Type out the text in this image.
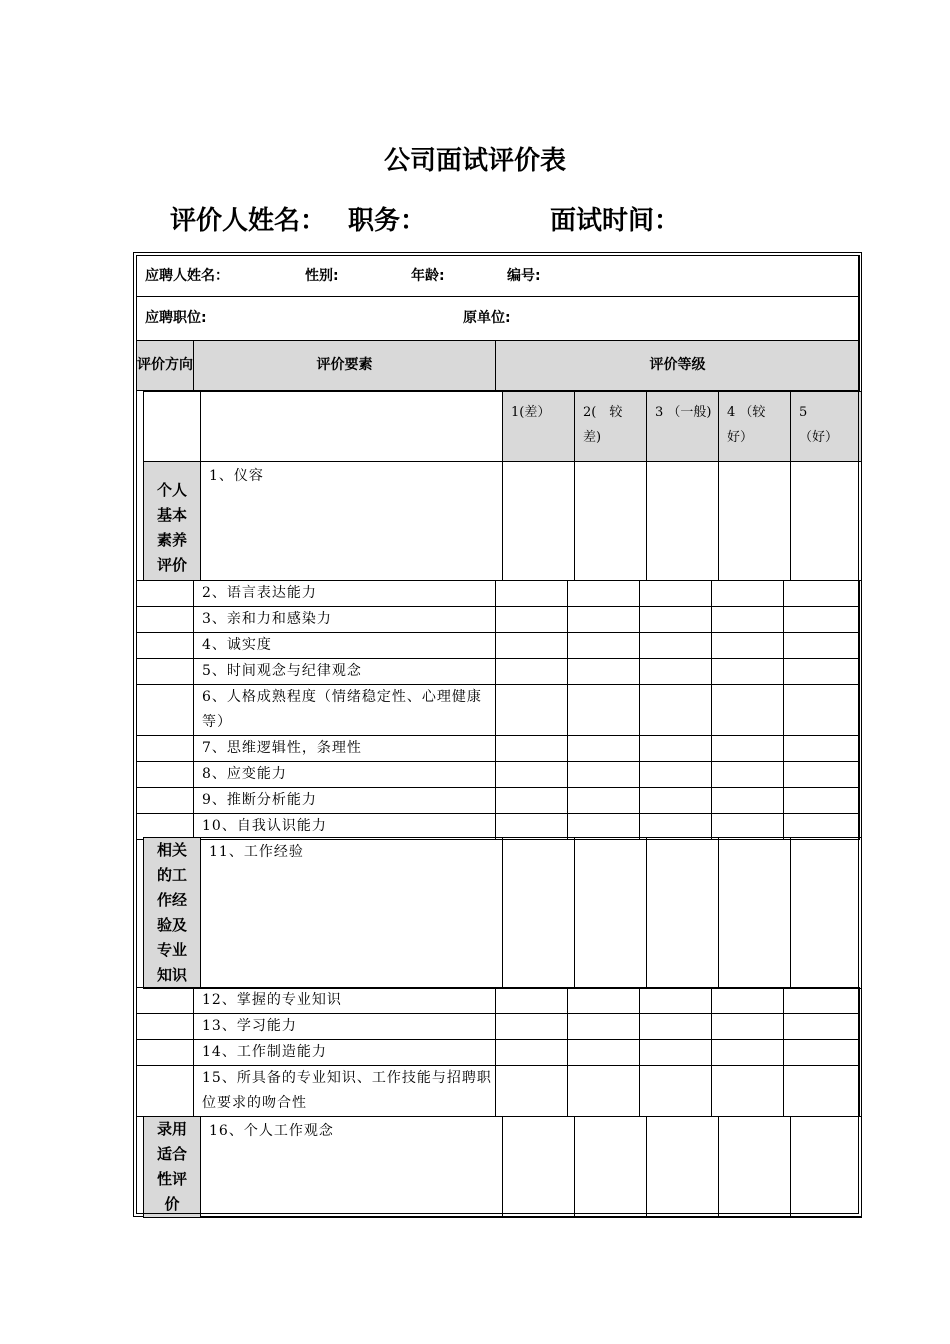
公司面试评价表
评价人姓名： 职务：	面试时间：
应聘人姓名：	性别:	年龄:	编号:
应聘职位:	原单位:
评价方向	评价要素	评价等级
		1(差）	2(　较差)	3 （一般)	4 （较好）	5
（好）
个人基本素养评价	1、仪容					
	2、语言表达能力					
	3、亲和力和感染力					
	4、诚实度					
	5、时间观念与纪律观念					
	6、人格成熟程度（情绪稳定性、心理健康等）					
	7、思维逻辑性，条理性					
	8、应变能力					
	9、推断分析能力					
	10、自我认识能力					
相关的工作经验及专业知识	11、工作经验					
	12、掌握的专业知识					
	13、学习能力					
	14、工作制造能力					
	15、所具备的专业知识、工作技能与招聘职位要求的吻合性					
录用适合性评价	16、个人工作观念					
